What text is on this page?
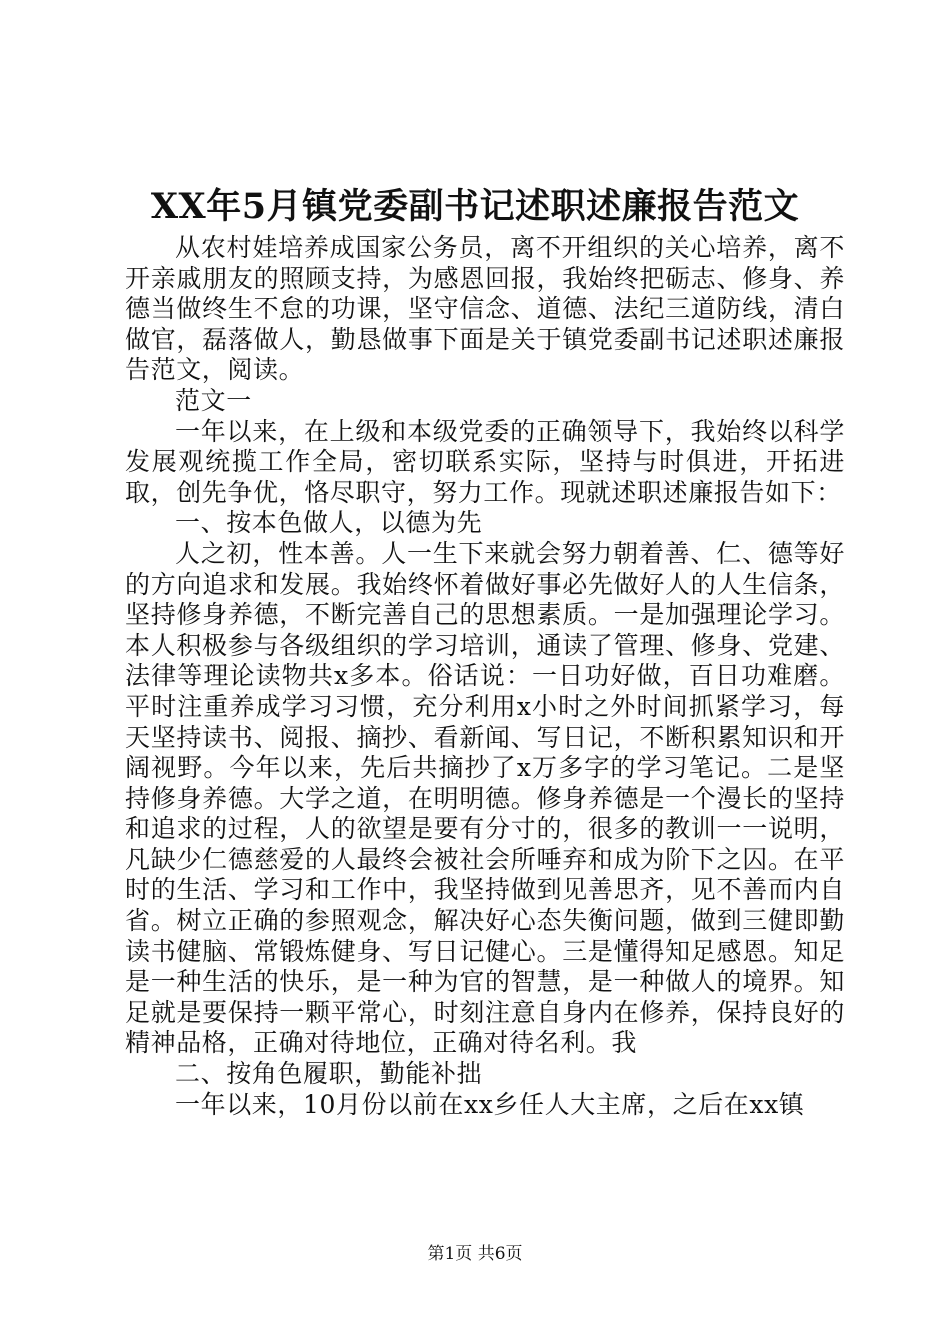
XX年5月镇党委副书记述职述廉报告范文

从农村娃培养成国家公务员，离不开组织的关心培养，离不开亲戚朋友的照顾支持，为感恩回报，我始终把砺志、修身、养德当做终生不怠的功课，坚守信念、道德、法纪三道防线，清白做官，磊落做人，勤恳做事下面是关于镇党委副书记述职述廉报告范文，阅读。

范文一

一年以来，在上级和本级党委的正确领导下，我始终以科学发展观统揽工作全局，密切联系实际，坚持与时俱进，开拓进取，创先争优，恪尽职守，努力工作。现就述职述廉报告如下：

一、按本色做人，以德为先

人之初，性本善。人一生下来就会努力朝着善、仁、德等好的方向追求和发展。我始终怀着做好事必先做好人的人生信条，坚持修身养德，不断完善自己的思想素质。一是加强理论学习。本人积极参与各级组织的学习培训，通读了管理、修身、党建、法律等理论读物共x多本。俗话说：一日功好做，百日功难磨。平时注重养成学习习惯，充分利用x小时之外时间抓紧学习，每天坚持读书、阅报、摘抄、看新闻、写日记，不断积累知识和开阔视野。今年以来，先后共摘抄了x万多字的学习笔记。二是坚持修身养德。大学之道，在明明德。修身养德是一个漫长的坚持和追求的过程，人的欲望是要有分寸的，很多的教训一一说明，凡缺少仁德慈爱的人最终会被社会所唾弃和成为阶下之囚。在平时的生活、学习和工作中，我坚持做到见善思齐，见不善而内自省。树立正确的参照观念，解决好心态失衡问题，做到三健即勤读书健脑、常锻炼健身、写日记健心。三是懂得知足感恩。知足是一种生活的快乐，是一种为官的智慧，是一种做人的境界。知足就是要保持一颗平常心，时刻注意自身内在修养，保持良好的精神品格，正确对待地位，正确对待名利。我

二、按角色履职，勤能补拙

一年以来，10月份以前在xx乡任人大主席，之后在xx镇

第1页 共6页
